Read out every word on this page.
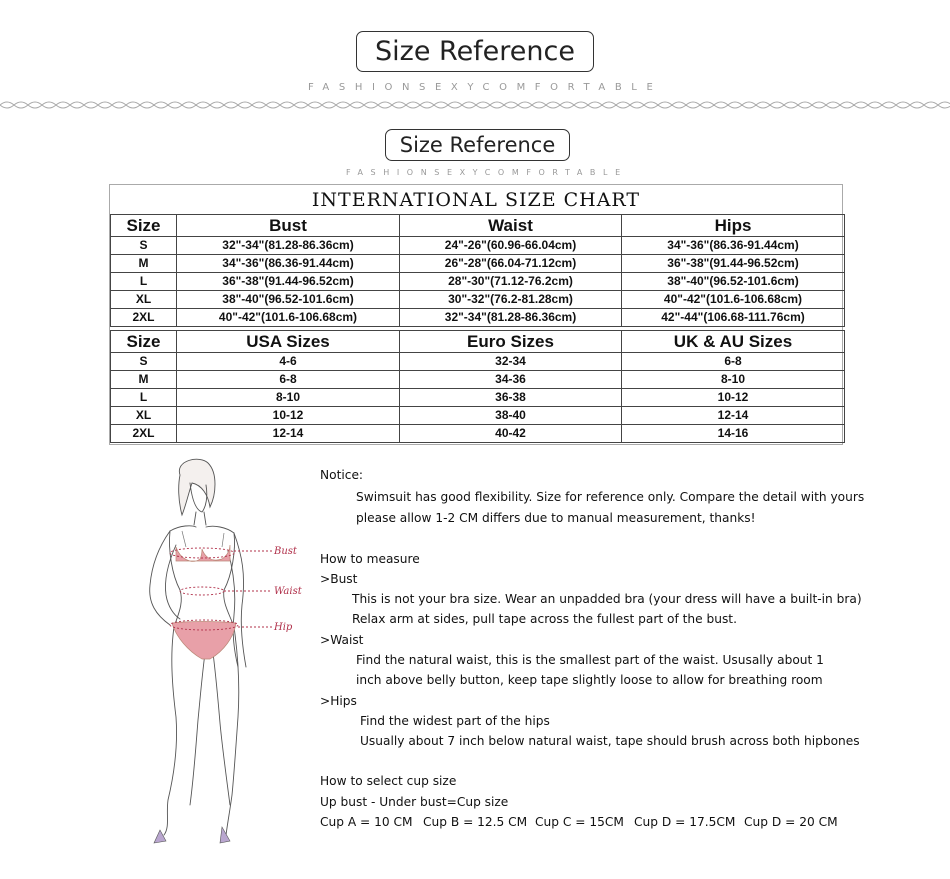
Size Reference
FASHIONSEXYCOMFORTABLE
Size Reference
FASHIONSEXYCOMFORTABLE
INTERNATIONAL SIZE CHART
Size	Bust	Waist	Hips
S	32"-34"(81.28-86.36cm)	24"-26"(60.96-66.04cm)	34"-36"(86.36-91.44cm)
M	34"-36"(86.36-91.44cm)	26"-28"(66.04-71.12cm)	36"-38"(91.44-96.52cm)
L	36"-38"(91.44-96.52cm)	28"-30"(71.12-76.2cm)	38"-40"(96.52-101.6cm)
XL	38"-40"(96.52-101.6cm)	30"-32"(76.2-81.28cm)	40"-42"(101.6-106.68cm)
2XL	40"-42"(101.6-106.68cm)	32"-34"(81.28-86.36cm)	42"-44"(106.68-111.76cm)
Size	USA Sizes	Euro Sizes	UK & AU Sizes
S	4-6	32-34	6-8
M	6-8	34-36	8-10
L	8-10	36-38	10-12
XL	10-12	38-40	12-14
2XL	12-14	40-42	14-16
Bust
Waist
Hip
Notice:
Swimsuit has good flexibility. Size for reference only. Compare the detail with yours
please allow 1-2 CM differs due to manual measurement, thanks!
How to measure
>Bust
This is not your bra size. Wear an unpadded bra (your dress will have a built-in bra)
Relax arm at sides, pull tape across the fullest part of the bust.
>Waist
Find the natural waist, this is the smallest part of the waist. Ususally about 1
inch above belly button, keep tape slightly loose to allow for breathing room
>Hips
Find the widest part of the hips
Usually about 7 inch below natural waist, tape should brush across both hipbones
How to select cup size
Up bust - Under bust=Cup size
Cup A = 10 CM Cup B = 12.5 CM Cup C = 15CM Cup D = 17.5CM Cup D = 20 CM
